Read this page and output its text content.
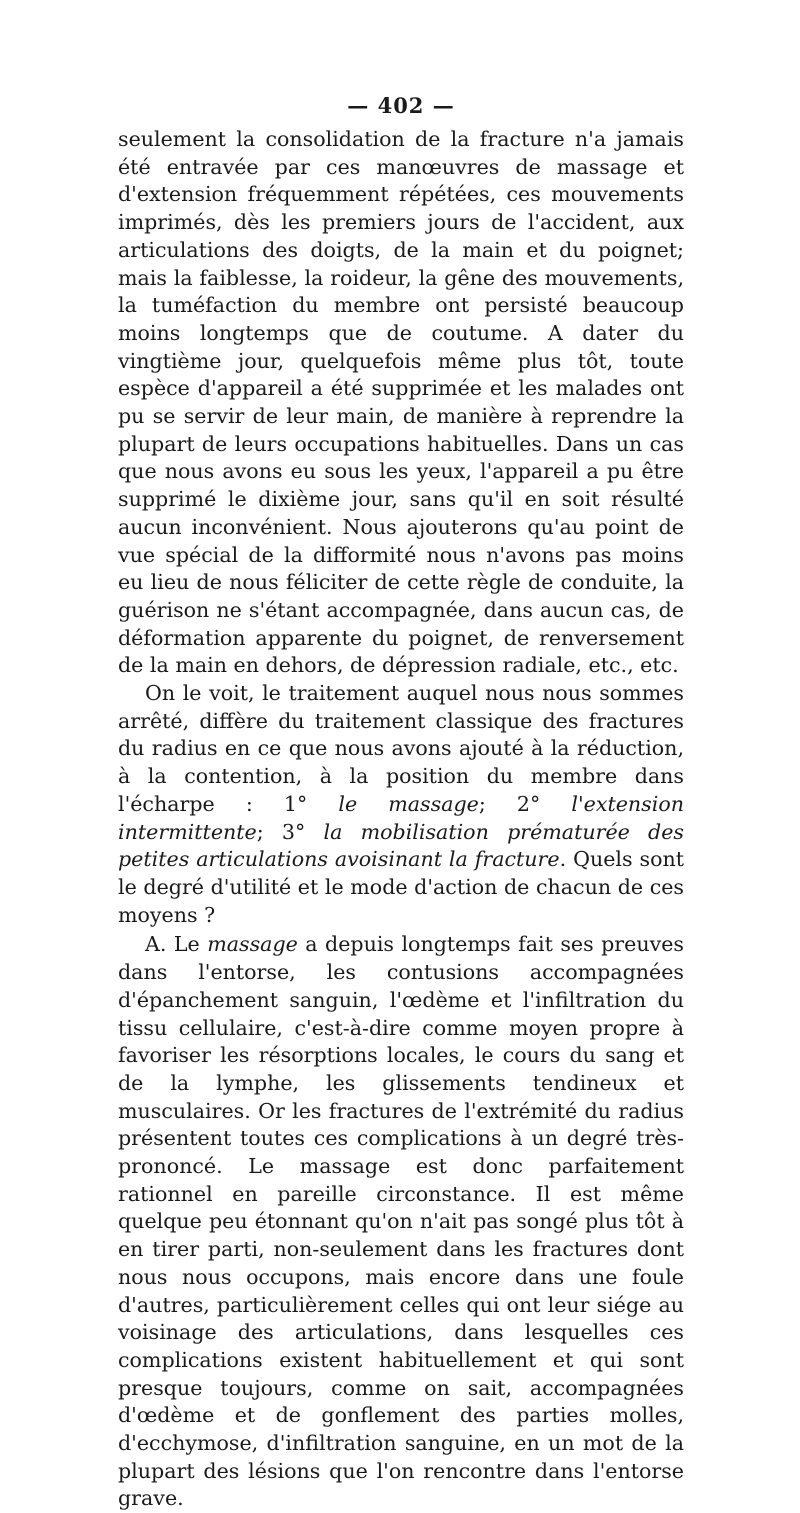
— 402 —

seulement la consolidation de la fracture n'a jamais été entravée par ces manœuvres de massage et d'extension fréquemment répétées, ces mouvements imprimés, dès les premiers jours de l'accident, aux articulations des doigts, de la main et du poignet; mais la faiblesse, la roideur, la gêne des mouvements, la tuméfaction du membre ont persisté beaucoup moins longtemps que de coutume. A dater du vingtième jour, quelquefois même plus tôt, toute espèce d'appareil a été supprimée et les malades ont pu se servir de leur main, de manière à reprendre la plupart de leurs occupations habituelles. Dans un cas que nous avons eu sous les yeux, l'appareil a pu être supprimé le dixième jour, sans qu'il en soit résulté aucun inconvénient. Nous ajouterons qu'au point de vue spécial de la difformité nous n'avons pas moins eu lieu de nous féliciter de cette règle de conduite, la guérison ne s'étant accompagnée, dans aucun cas, de déformation apparente du poignet, de renversement de la main en dehors, de dépression radiale, etc., etc.

On le voit, le traitement auquel nous nous sommes arrêté, diffère du traitement classique des fractures du radius en ce que nous avons ajouté à la réduction, à la contention, à la position du membre dans l'écharpe : 1° le massage; 2° l'extension intermittente; 3° la mobilisation prématurée des petites articulations avoisinant la fracture. Quels sont le degré d'utilité et le mode d'action de chacun de ces moyens ?

A. Le massage a depuis longtemps fait ses preuves dans l'entorse, les contusions accompagnées d'épanchement sanguin, l'œdème et l'infiltration du tissu cellulaire, c'est-à-dire comme moyen propre à favoriser les résorptions locales, le cours du sang et de la lymphe, les glissements tendineux et musculaires. Or les fractures de l'extrémité du radius présentent toutes ces complications à un degré très-prononcé. Le massage est donc parfaitement rationnel en pareille circonstance. Il est même quelque peu étonnant qu'on n'ait pas songé plus tôt à en tirer parti, non-seulement dans les fractures dont nous nous occupons, mais encore dans une foule d'autres, particulièrement celles qui ont leur siége au voisinage des articulations, dans lesquelles ces complications existent habituellement et qui sont presque toujours, comme on sait, accompagnées d'œdème et de gonflement des parties molles, d'ecchymose, d'infiltration sanguine, en un mot de la plupart des lésions que l'on rencontre dans l'entorse grave.
